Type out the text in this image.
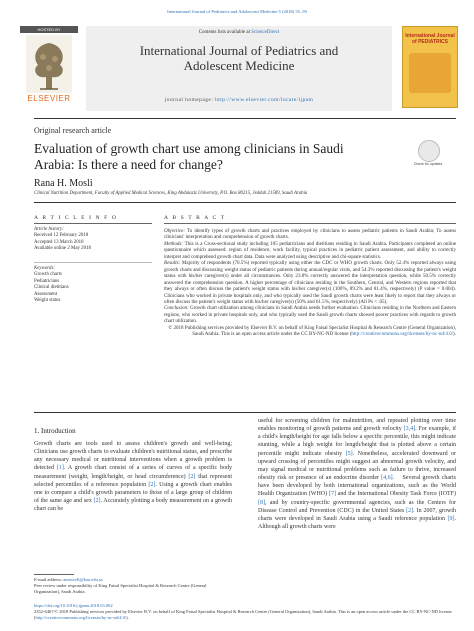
International Journal of Pediatrics and Adolescent Medicine 5 (2018) 55–59
Contents lists available at ScienceDirect
International Journal of Pediatrics and
Adolescent Medicine
journal homepage: http://www.elsevier.com/locate/ijpam
HOSTED BY
ELSEVIER
International Journal of PEDIATRICS
Original research article
Evaluation of growth chart use among clinicians in Saudi Arabia: Is there a need for change?	Check for updates
Rana H. Mosli
Clinical Nutrition Department, Faculty of Applied Medical Sciences, King Abdulaziz University, P.O. Box 80215, Jeddah 21589, Saudi Arabia
A R T I C L E I N F O	A B S T R A C T
Article history:
Received 12 February 2018
Accepted 13 March 2018
Available online 2 May 2018
Keywords:
Growth charts
Pediatricians
Clinical dietitians
Assessment
Weight status

Objective: To identify types of growth charts and practices employed by clinicians to assess pediatric patients in Saudi Arabia; To assess clinicians' interpretation and comprehension of growth charts.

Methods: This is a Cross-sectional study including 105 pediatricians and dietitians residing in Saudi Arabia. Participants completed an online questionnaire which assessed: region of residence, work facility, typical practices in pediatric patient assessment, and ability to correctly interpret and comprehend growth chart data. Data were analyzed using descriptive and chi-square statistics.

Results: Majority of respondents (70.5%) reported typically using either the CDC or WHO growth charts. Only 52.4% reported always using growth charts and discussing weight status of pediatric patients during annual/regular visits, and 54.3% reported discussing the patient's weight status with his/her caregiver(s) under all circumstances. Only 23.8% correctly answered the interpretation question, while 50.5% correctly answered the comprehension question. A higher percentage of clinicians residing in the Southern, Central, and Western regions reported that they always or often discuss the patient's weight status with his/her caregiver(s) (100%, 89.2% and 81.4%, respectively) (P value = 0.004). Clinicians who worked in private hospitals only, and who typically used the Saudi growth charts were least likely to report that they always or often discuss the patient's weight status with his/her caregiver(s) (50% and 61.5%, respectively) (All Ps < .05).

Conclusion: Growth chart utilization among clinicians in Saudi Arabia needs further evaluation. Clinicians residing in the Northern and Eastern regions, who worked in private hospitals only, and who typically used the Saudi growth charts showed poorer practices with regards to growth chart utilization.

© 2018 Publishing services provided by Elsevier B.V. on behalf of King Faisal Specialist Hospital & Research Centre (General Organization), Saudi Arabia. This is an open access article under the CC BY-NC-ND license (http://creativecommons.org/licenses/by-nc-nd/4.0/).

1. Introduction
Growth charts are tools used to assess children's growth and well-being; Clinicians use growth charts to evaluate children's nutritional status, and prescribe any necessary medical or nutritional interventions when a growth problem is detected [1]. A growth chart consist of a series of curves of a specific body measurement (weight, length/height, or head circumference) [2] that represent selected percentiles of a reference population [2]. Using a growth chart enables one to compare a child's growth parameters to those of a large group of children of the same age and sex [2]. Accurately plotting a body measurement on a growth chart can be
useful for screening children for malnutrition, and repeated plotting over time enables monitoring of growth patterns and growth velocity [3,4]. For example, if a child's length/height for age falls below a specific percentile, this might indicate stunting, while a high weight for length/height that is plotted above a certain percentile might indicate obesity [5]. Nonetheless, accelerated downward or upward crossing of percentiles might suggest an abnormal growth velocity, and may signal medical or nutritional problems such as failure to thrive, increased obesity risk or presence of an endocrine disorder [4,6].    Several growth charts have been developed by both international organizations, such as the World Health Organization (WHO) [7] and the International Obesity Task Force (IOTF) [8], and by country-specific governmental agencies, such as the Centers for Disease Control and Prevention (CDC) in the United States [2]. In 2007, growth charts were developed in Saudi Arabia using a Saudi reference population [9]. Although all growth charts were
E-mail address: amosvell@kau.edu.sa
Peer review under responsibility of King Faisal Specialist Hospital & Research Centre (General Organization), Saudi Arabia.
https://doi.org/10.1016/j.ijpam.2018.03.002
2352-6467/© 2018 Publishing services provided by Elsevier B.V. on behalf of King Faisal Specialist Hospital & Research Centre (General Organization), Saudi Arabia. This is an open access article under the CC BY-NC-ND license (http://creativecommons.org/licenses/by-nc-nd/4.0/).
